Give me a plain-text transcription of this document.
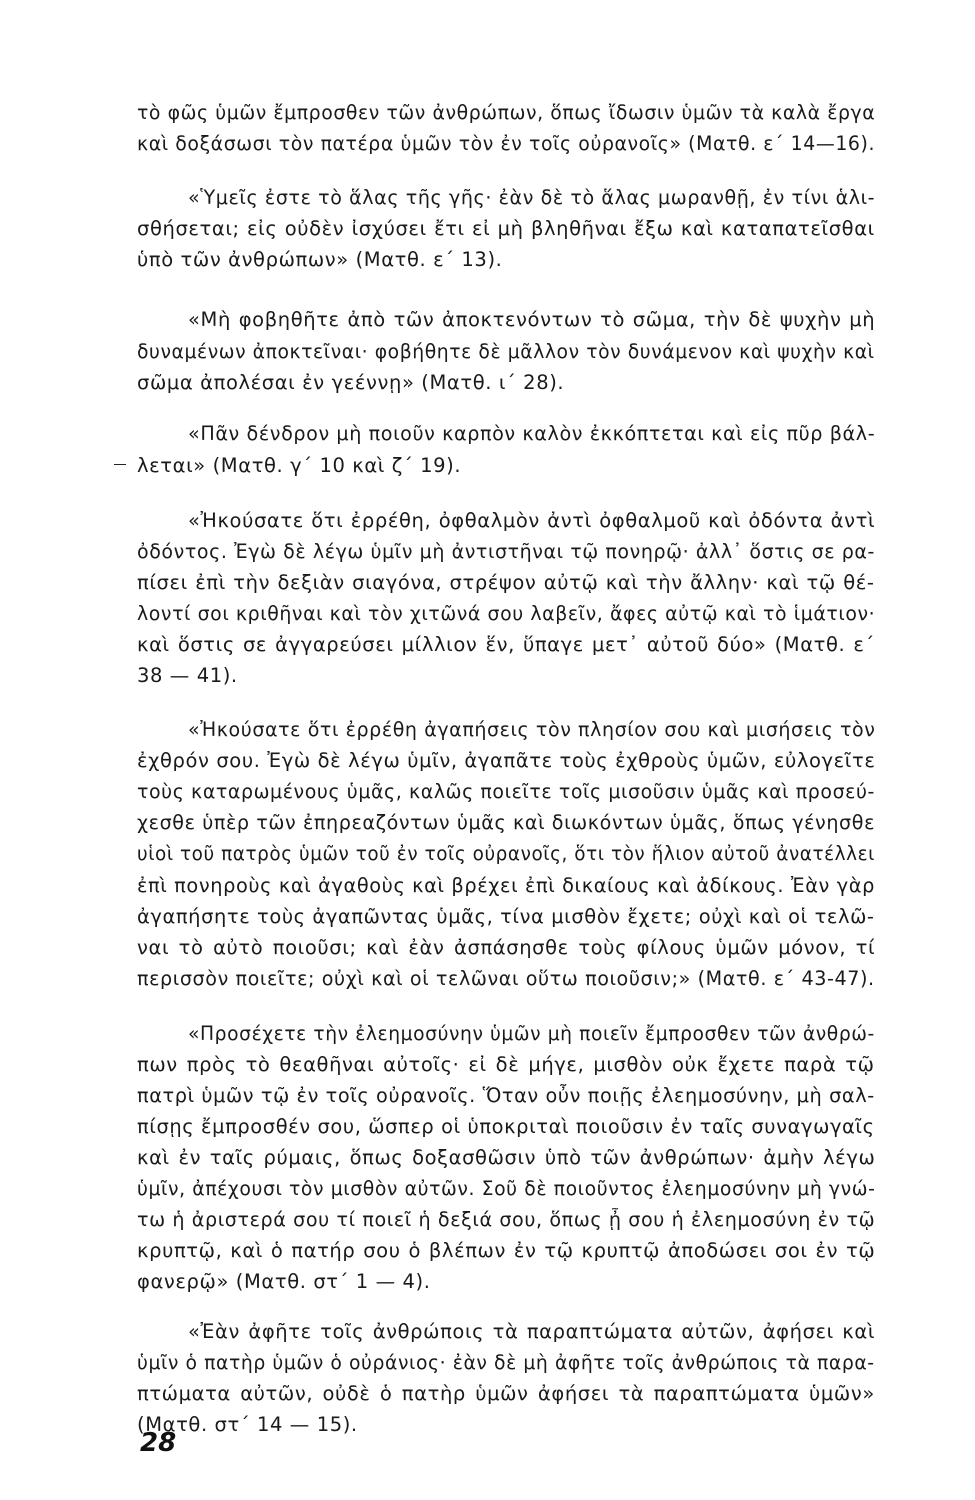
τὸ φῶς ὑμῶν ἔμπροσθεν τῶν ἀνθρώπων, ὅπως ἴδωσιν ὑμῶν τὰ καλὰ ἔργα
καὶ δοξάσωσι τὸν πατέρα ὑμῶν τὸν ἐν τοῖς οὐρανοῖς» (Ματθ. ε΄ 14—16).
«Ὑμεῖς ἐστε τὸ ἅλας τῆς γῆς· ἐὰν δὲ τὸ ἅλας μωρανθῇ, ἐν τίνι ἁλι-
σθήσεται; εἰς οὐδὲν ἰσχύσει ἔτι εἰ μὴ βληθῆναι ἔξω καὶ καταπατεῖσθαι
ὑπὸ τῶν ἀνθρώπων» (Ματθ. ε΄ 13).
«Μὴ φοβηθῆτε ἀπὸ τῶν ἀποκτενόντων τὸ σῶμα, τὴν δὲ ψυχὴν μὴ
δυναμένων ἀποκτεῖναι· φοβήθητε δὲ μᾶλλον τὸν δυνάμενον καὶ ψυχὴν καὶ
σῶμα ἀπολέσαι ἐν γεέννῃ» (Ματθ. ι΄ 28).
«Πᾶν δένδρον μὴ ποιοῦν καρπὸν καλὸν ἐκκόπτεται καὶ εἰς πῦρ βάλ-
λεται» (Ματθ. γ΄ 10 καὶ ζ΄ 19).
«Ἠκούσατε ὅτι ἐρρέθη, ὀφθαλμὸν ἀντὶ ὀφθαλμοῦ καὶ ὀδόντα ἀντὶ
ὀδόντος. Ἐγὼ δὲ λέγω ὑμῖν μὴ ἀντιστῆναι τῷ πονηρῷ· ἀλλ᾽ ὅστις σε ρα-
πίσει ἐπὶ τὴν δεξιὰν σιαγόνα, στρέψον αὐτῷ καὶ τὴν ἄλλην· καὶ τῷ θέ-
λοντί σοι κριθῆναι καὶ τὸν χιτῶνά σου λαβεῖν, ἄφες αὐτῷ καὶ τὸ ἱμάτιον·
καὶ ὅστις σε ἀγγαρεύσει μίλλιον ἕν, ὕπαγε μετ᾽ αὐτοῦ δύο» (Ματθ. ε΄
38 — 41).
«Ἠκούσατε ὅτι ἐρρέθη ἀγαπήσεις τὸν πλησίον σου καὶ μισήσεις τὸν
ἐχθρόν σου. Ἐγὼ δὲ λέγω ὑμῖν, ἀγαπᾶτε τοὺς ἐχθροὺς ὑμῶν, εὐλογεῖτε
τοὺς καταρωμένους ὑμᾶς, καλῶς ποιεῖτε τοῖς μισοῦσιν ὑμᾶς καὶ προσεύ-
χεσθε ὑπὲρ τῶν ἐπηρεαζόντων ὑμᾶς καὶ διωκόντων ὑμᾶς, ὅπως γένησθε
υἱοὶ τοῦ πατρὸς ὑμῶν τοῦ ἐν τοῖς οὐρανοῖς, ὅτι τὸν ἥλιον αὐτοῦ ἀνατέλλει
ἐπὶ πονηροὺς καὶ ἀγαθοὺς καὶ βρέχει ἐπὶ δικαίους καὶ ἀδίκους. Ἐὰν γὰρ
ἀγαπήσητε τοὺς ἀγαπῶντας ὑμᾶς, τίνα μισθὸν ἔχετε; οὐχὶ καὶ οἱ τελῶ-
ναι τὸ αὐτὸ ποιοῦσι; καὶ ἐὰν ἀσπάσησθε τοὺς φίλους ὑμῶν μόνον, τί
περισσὸν ποιεῖτε; οὐχὶ καὶ οἱ τελῶναι οὕτω ποιοῦσιν;» (Ματθ. ε΄ 43-47).
«Προσέχετε τὴν ἐλεημοσύνην ὑμῶν μὴ ποιεῖν ἔμπροσθεν τῶν ἀνθρώ-
πων πρὸς τὸ θεαθῆναι αὐτοῖς· εἰ δὲ μήγε, μισθὸν οὐκ ἔχετε παρὰ τῷ
πατρὶ ὑμῶν τῷ ἐν τοῖς οὐρανοῖς. Ὅταν οὖν ποιῇς ἐλεημοσύνην, μὴ σαλ-
πίσῃς ἔμπροσθέν σου, ὥσπερ οἱ ὑποκριταὶ ποιοῦσιν ἐν ταῖς συναγωγαῖς
καὶ ἐν ταῖς ρύμαις, ὅπως δοξασθῶσιν ὑπὸ τῶν ἀνθρώπων· ἀμὴν λέγω
ὑμῖν, ἀπέχουσι τὸν μισθὸν αὐτῶν. Σοῦ δὲ ποιοῦντος ἐλεημοσύνην μὴ γνώ-
τω ἡ ἀριστερά σου τί ποιεῖ ἡ δεξιά σου, ὅπως ᾖ σου ἡ ἐλεημοσύνη ἐν τῷ
κρυπτῷ, καὶ ὁ πατήρ σου ὁ βλέπων ἐν τῷ κρυπτῷ ἀποδώσει σοι ἐν τῷ
φανερῷ» (Ματθ. στ΄ 1 — 4).
«Ἐὰν ἀφῆτε τοῖς ἀνθρώποις τὰ παραπτώματα αὐτῶν, ἀφήσει καὶ
ὑμῖν ὁ πατὴρ ὑμῶν ὁ οὐράνιος· ἐὰν δὲ μὴ ἀφῆτε τοῖς ἀνθρώποις τὰ παρα-
πτώματα αὐτῶν, οὐδὲ ὁ πατὴρ ὑμῶν ἀφήσει τὰ παραπτώματα ὑμῶν»
(Ματθ. στ΄ 14 — 15).
28
